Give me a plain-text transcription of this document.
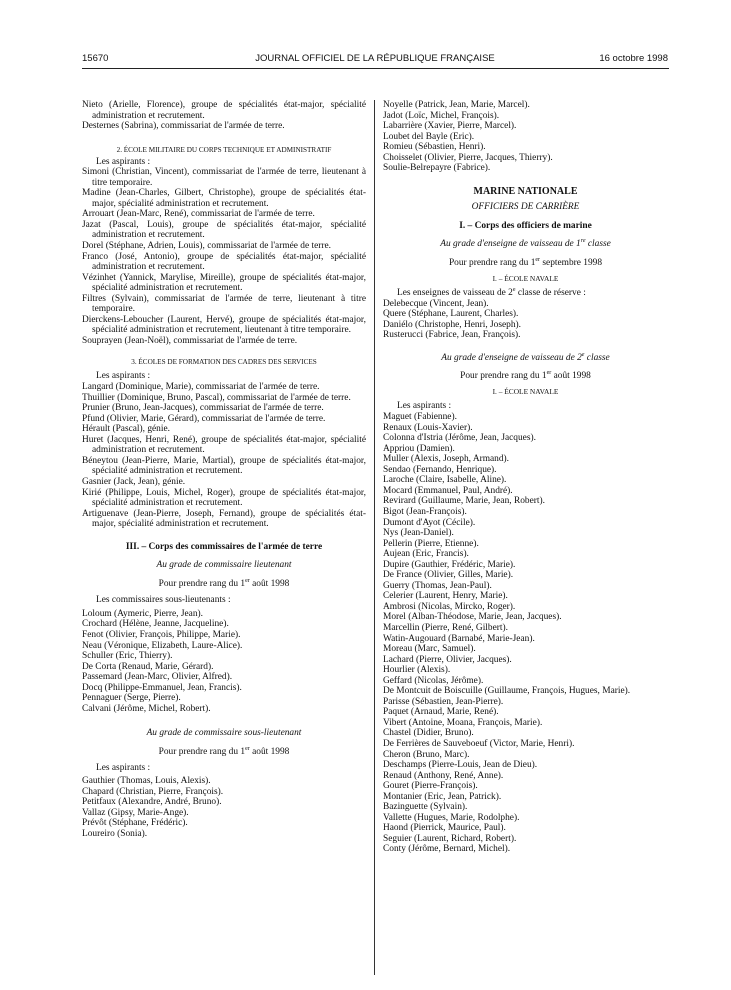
15670	JOURNAL OFFICIEL DE LA RÉPUBLIQUE FRANÇAISE	16 octobre 1998
Nieto (Arielle, Florence), groupe de spécialités état-major, spécialité administration et recrutement.
Desternes (Sabrina), commissariat de l'armée de terre.
2. ÉCOLE MILITAIRE DU CORPS TECHNIQUE ET ADMINISTRATIF
Les aspirants :
Simoni (Christian, Vincent), commissariat de l'armée de terre, lieutenant à titre temporaire.
Madine (Jean-Charles, Gilbert, Christophe), groupe de spécialités état-major, spécialité administration et recrutement.
Arrouart (Jean-Marc, René), commissariat de l'armée de terre.
Jazat (Pascal, Louis), groupe de spécialités état-major, spécialité administration et recrutement.
Dorel (Stéphane, Adrien, Louis), commissariat de l'armée de terre.
Franco (José, Antonio), groupe de spécialités état-major, spécialité administration et recrutement.
Vézinhet (Yannick, Marylise, Mireille), groupe de spécialités état-major, spécialité administration et recrutement.
Filtres (Sylvain), commissariat de l'armée de terre, lieutenant à titre temporaire.
Dierckens-Leboucher (Laurent, Hervé), groupe de spécialités état-major, spécialité administration et recrutement, lieutenant à titre temporaire.
Souprayen (Jean-Noël), commissariat de l'armée de terre.
3. ÉCOLES DE FORMATION DES CADRES DES SERVICES
Les aspirants :
Langard (Dominique, Marie), commissariat de l'armée de terre.
Thuillier (Dominique, Bruno, Pascal), commissariat de l'armée de terre.
Prunier (Bruno, Jean-Jacques), commissariat de l'armée de terre.
Pfund (Olivier, Marie, Gérard), commissariat de l'armée de terre.
Hérault (Pascal), génie.
Huret (Jacques, Henri, René), groupe de spécialités état-major, spécialité administration et recrutement.
Béneytou (Jean-Pierre, Marie, Martial), groupe de spécialités état-major, spécialité administration et recrutement.
Gasnier (Jack, Jean), génie.
Kirié (Philippe, Louis, Michel, Roger), groupe de spécialités état-major, spécialité administration et recrutement.
Artiguenave (Jean-Pierre, Joseph, Fernand), groupe de spécialités état-major, spécialité administration et recrutement.
III. – Corps des commissaires de l'armée de terre
Au grade de commissaire lieutenant
Pour prendre rang du 1er août 1998
Les commissaires sous-lieutenants :
Loloum (Aymeric, Pierre, Jean).
Crochard (Hélène, Jeanne, Jacqueline).
Fenot (Olivier, François, Philippe, Marie).
Neau (Véronique, Elizabeth, Laure-Alice).
Schuller (Eric, Thierry).
De Corta (Renaud, Marie, Gérard).
Passemard (Jean-Marc, Olivier, Alfred).
Docq (Philippe-Emmanuel, Jean, Francis).
Pennaguer (Serge, Pierre).
Calvani (Jérôme, Michel, Robert).
Au grade de commissaire sous-lieutenant
Pour prendre rang du 1er août 1998
Les aspirants :
Gauthier (Thomas, Louis, Alexis).
Chapard (Christian, Pierre, François).
Petitfaux (Alexandre, André, Bruno).
Vallaz (Gipsy, Marie-Ange).
Prévôt (Stéphane, Frédéric).
Loureiro (Sonia).
Noyelle (Patrick, Jean, Marie, Marcel).
Jadot (Loïc, Michel, François).
Labarrière (Xavier, Pierre, Marcel).
Loubet del Bayle (Eric).
Romieu (Sébastien, Henri).
Choisselet (Olivier, Pierre, Jacques, Thierry).
Soulie-Belrepayre (Fabrice).
MARINE NATIONALE
OFFICIERS DE CARRIÈRE
I. – Corps des officiers de marine
Au grade d'enseigne de vaisseau de 1re classe
Pour prendre rang du 1er septembre 1998
I. – ÉCOLE NAVALE
Les enseignes de vaisseau de 2e classe de réserve :
Delebecque (Vincent, Jean).
Quere (Stéphane, Laurent, Charles).
Daniélo (Christophe, Henri, Joseph).
Rusterucci (Fabrice, Jean, François).
Au grade d'enseigne de vaisseau de 2e classe
Pour prendre rang du 1er août 1998
I. – ÉCOLE NAVALE
Les aspirants :
Maguet (Fabienne).
Renaux (Louis-Xavier).
Colonna d'Istria (Jérôme, Jean, Jacques).
Appriou (Damien).
Muller (Alexis, Joseph, Armand).
Sendao (Fernando, Henrique).
Laroche (Claire, Isabelle, Aline).
Mocard (Emmanuel, Paul, André).
Revirard (Guillaume, Marie, Jean, Robert).
Bigot (Jean-François).
Dumont d'Ayot (Cécile).
Nys (Jean-Daniel).
Pellerin (Pierre, Etienne).
Aujean (Eric, Francis).
Dupire (Gauthier, Frédéric, Marie).
De France (Olivier, Gilles, Marie).
Guerry (Thomas, Jean-Paul).
Celerier (Laurent, Henry, Marie).
Ambrosi (Nicolas, Mircko, Roger).
Morel (Alban-Théodose, Marie, Jean, Jacques).
Marcellin (Pierre, René, Gilbert).
Watin-Augouard (Barnabé, Marie-Jean).
Moreau (Marc, Samuel).
Lachard (Pierre, Olivier, Jacques).
Hourlier (Alexis).
Geffard (Nicolas, Jérôme).
De Montcuit de Boiscuille (Guillaume, François, Hugues, Marie).
Parisse (Sébastien, Jean-Pierre).
Paquet (Arnaud, Marie, René).
Vibert (Antoine, Moana, François, Marie).
Chastel (Didier, Bruno).
De Ferrières de Sauveboeuf (Victor, Marie, Henri).
Cheron (Bruno, Marc).
Deschamps (Pierre-Louis, Jean de Dieu).
Renaud (Anthony, René, Anne).
Gouret (Pierre-François).
Montanier (Eric, Jean, Patrick).
Bazinguette (Sylvain).
Vallette (Hugues, Marie, Rodolphe).
Haond (Pierrick, Maurice, Paul).
Seguier (Laurent, Richard, Robert).
Conty (Jérôme, Bernard, Michel).
